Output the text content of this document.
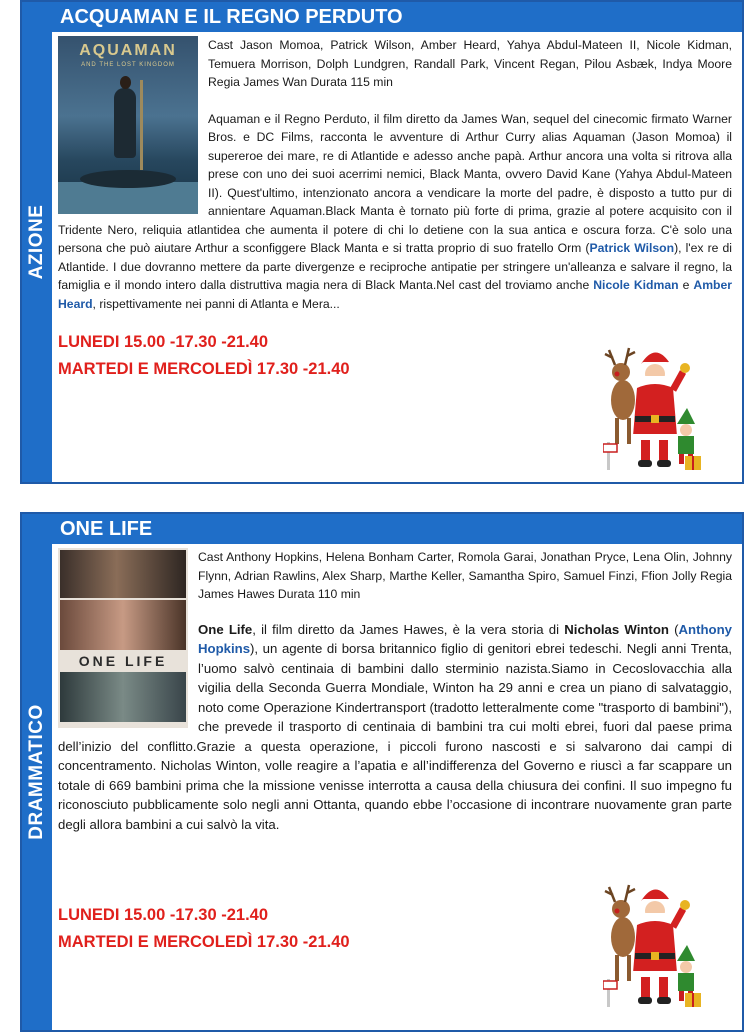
AZIONE
ACQUAMAN E IL REGNO PERDUTO
AQUAMAN
AND THE LOST KINGDOM
Cast Jason Momoa, Patrick Wilson, Amber Heard, Yahya Abdul-Mateen II, Nicole Kidman, Temuera Morrison, Dolph Lundgren, Randall Park, Vincent Regan, Pilou Asbæk, Indya Moore Regia James Wan Durata 115 min
Aquaman e il Regno Perduto, il film diretto da James Wan, sequel del cinecomic firmato Warner Bros. e DC Films, racconta le avventure di Arthur Curry alias Aquaman (Jason Momoa) il supereroe dei mare, re di Atlantide e adesso anche papà. Arthur ancora una volta si ritrova alla prese con uno dei suoi acerrimi nemici, Black Manta, ovvero David Kane (Yahya Abdul-Mateen II). Quest'ultimo, intenzionato ancora a vendicare la morte del padre, è disposto a tutto pur di annientare Aquaman.Black Manta è tornato più forte di prima, grazie al potere acquisito con il Tridente Nero, reliquia atlantidea che aumenta il potere di chi lo detiene con la sua antica e oscura forza. C'è solo una persona che può aiutare Arthur a sconfiggere Black Manta e si tratta proprio di suo fratello Orm (Patrick Wilson), l'ex re di Atlantide. I due dovranno mettere da parte divergenze e reciproche antipatie per stringere un'alleanza e salvare il regno, la famiglia e il mondo intero dalla distruttiva magia nera di Black Manta.Nel cast del troviamo anche Nicole Kidman e Amber Heard, rispettivamente nei panni di Atlanta e Mera...
LUNEDI 15.00 -17.30 -21.40
MARTEDI E MERCOLEDÌ 17.30 -21.40
DRAMMATICO
ONE LIFE
ONE LIFE
Cast Anthony Hopkins, Helena Bonham Carter, Romola Garai, Jonathan Pryce, Lena Olin, Johnny Flynn, Adrian Rawlins, Alex Sharp, Marthe Keller, Samantha Spiro, Samuel Finzi, Ffion Jolly Regia James Hawes Durata 110 min
One Life, il film diretto da James Hawes, è la vera storia di Nicholas Winton (Anthony Hopkins), un agente di borsa britannico figlio di genitori ebrei tedeschi. Negli anni Trenta, l’uomo salvò centinaia di bambini dallo sterminio nazista.Siamo in Cecoslovacchia alla vigilia della Seconda Guerra Mondiale, Winton ha 29 anni e crea un piano di salvataggio, noto come Operazione Kindertransport (tradotto letteralmente come "trasporto di bambini"), che prevede il trasporto di centinaia di bambini tra cui molti ebrei, fuori dal paese prima dell’inizio del conflitto.Grazie a questa operazione, i piccoli furono nascosti e si salvarono dai campi di concentramento. Nicholas Winton, volle reagire a l’apatia e all’indifferenza del Governo e riuscì a far scappare un totale di 669 bambini prima che la missione venisse interrotta a causa della chiusura dei confini. Il suo impegno fu riconosciuto pubblicamente solo negli anni Ottanta, quando ebbe l’occasione di incontrare nuovamente gran parte degli allora bambini a cui salvò la vita.
LUNEDI 15.00 -17.30 -21.40
MARTEDI E MERCOLEDÌ 17.30 -21.40
